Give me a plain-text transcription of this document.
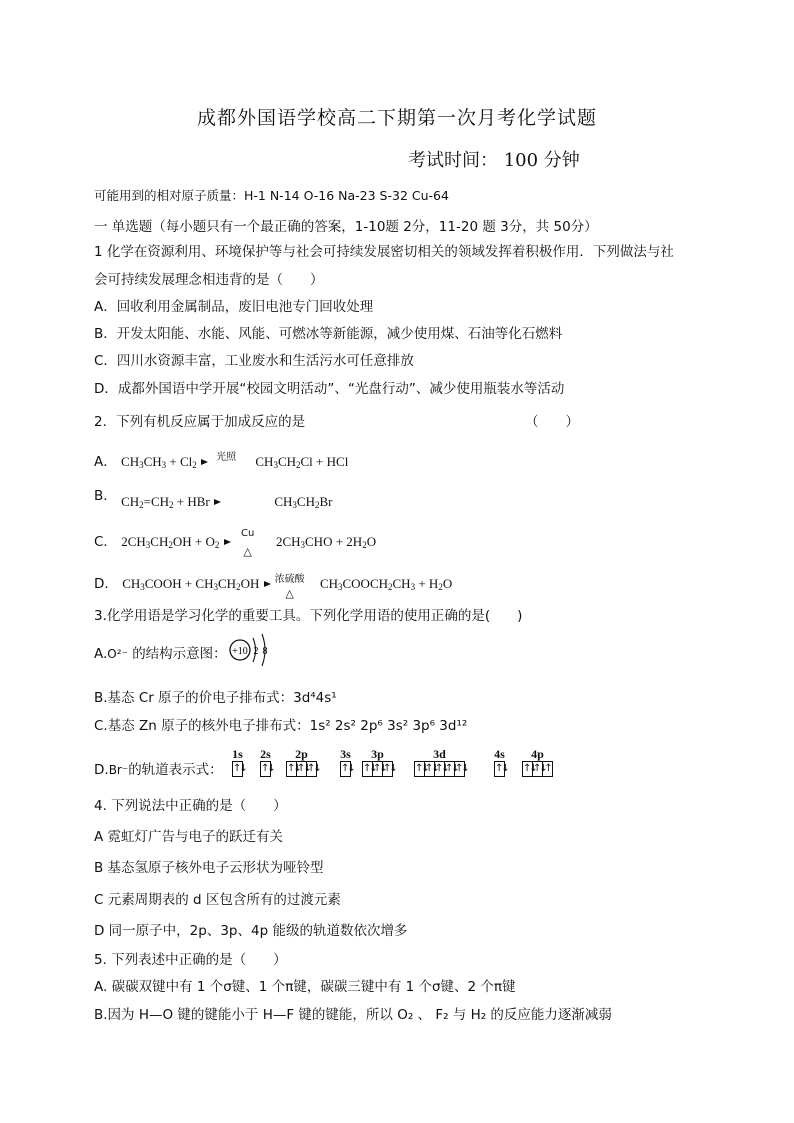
成都外国语学校高二下期第一次月考化学试题
考试时间： 100 分钟
可能用到的相对原子质量：H-1 N-14 O-16 Na-23 S-32 Cu-64
一 单选题（每小题只有一个最正确的答案，1-10题 2分，11-20 题 3分，共 50分）
1 化学在资源利用、环境保护等与社会可持续发展密切相关的领域发挥着积极作用．下列做法与社
会可持续发展理念相违背的是（　　）
A．回收利用金属制品，废旧电池专门回收处理
B．开发太阳能、水能、风能、可燃冰等新能源，减少使用煤、石油等化石燃料
C．四川水资源丰富，工业废水和生活污水可任意排放
D．成都外国语中学开展“校园文明活动”、“光盘行动”、减少使用瓶装水等活动
2．下列有机反应属于加成反应的是	（　　）
A． $CH_3CH_3 + Cl_2$
光照	$CH_3CH_2Cl$ + HCl
B． $CH_2=CH_2$ + HBr	$CH_3CH_2Br$
C． $2CH_3CH_2OH + O_2$
Cu
△
$2CH_3CHO + 2H_2O$
D． $CH_3COOH + CH_3CH_2OH$	浓硫酸
△
$CH_3COOCH_2CH_3 + H_2O$
3.化学用语是学习化学的重要工具。下列化学用语的使用正确的是(　　)
A.O²⁻ 的结构示意图： +10 2 8
B.基态 Cr 原子的价电子排布式：3d⁴4s¹
C.基态 Zn 原子的核外电子排布式：1s² 2s² 2p⁶ 3s² 3p⁶ 3d¹²
D.Br⁻的轨道表示式：
1s
↑↓
2s
↑↓
2p
↑↓
↑↓
↑↓
3s
↑↓
3p
↑↓
↑↓
↑↓
3d
↑↓
↑↓
↑↓
↑↓
↑↓
4s
↑↓
4p
↑↓
↑↓
↑
4. 下列说法中正确的是（　　）
A 霓虹灯广告与电子的跃迁有关
B 基态氢原子核外电子云形状为哑铃型
C 元素周期表的 d 区包含所有的过渡元素
D 同一原子中，2p、3p、4p 能级的轨道数依次增多
5. 下列表述中正确的是（　　）
A. 碳碳双键中有 1 个σ键、1 个π键，碳碳三键中有 1 个σ键、2 个π键
B.因为 H—O 键的键能小于 H—F 键的键能，所以 O₂ 、 F₂ 与 H₂ 的反应能力逐渐减弱
